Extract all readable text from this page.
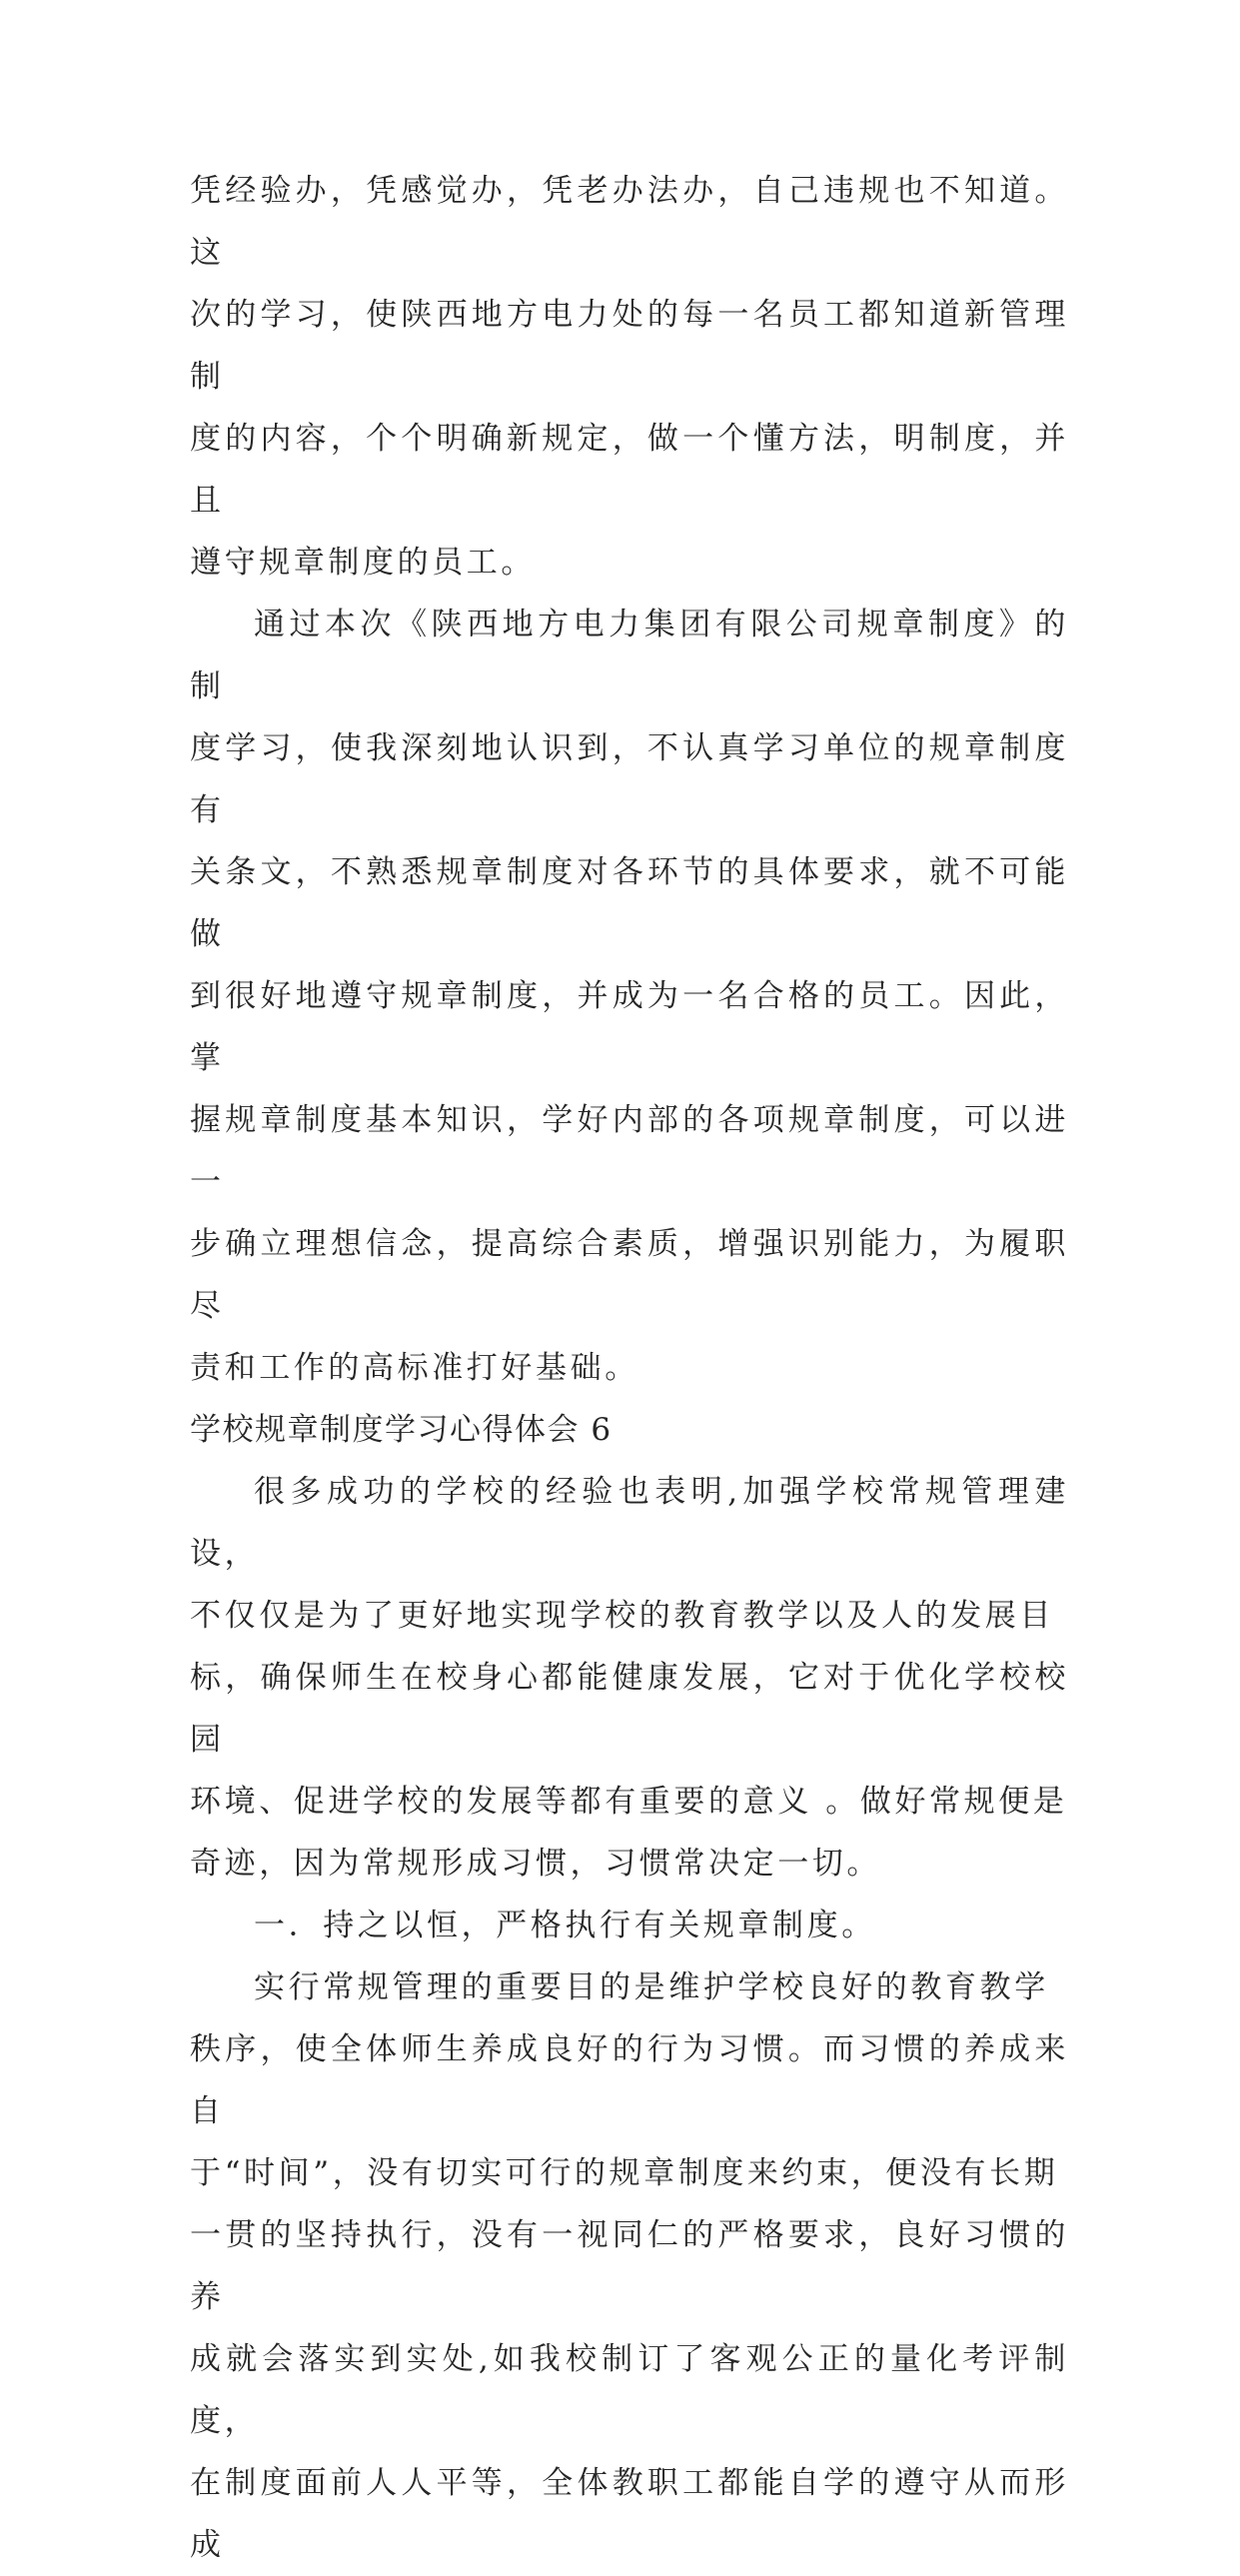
凭经验办，凭感觉办，凭老办法办，自己违规也不知道。这
次的学习，使陕西地方电力处的每一名员工都知道新管理制
度的内容，个个明确新规定，做一个懂方法，明制度，并且
遵守规章制度的员工。
通过本次《陕西地方电力集团有限公司规章制度》的制
度学习，使我深刻地认识到，不认真学习单位的规章制度有
关条文，不熟悉规章制度对各环节的具体要求，就不可能做
到很好地遵守规章制度，并成为一名合格的员工。因此，掌
握规章制度基本知识，学好内部的各项规章制度，可以进一
步确立理想信念，提高综合素质，增强识别能力，为履职尽
责和工作的高标准打好基础。
学校规章制度学习心得体会 6
很多成功的学校的经验也表明,加强学校常规管理建设，
不仅仅是为了更好地实现学校的教育教学以及人的发展目
标，确保师生在校身心都能健康发展，它对于优化学校校园
环境、促进学校的发展等都有重要的意义 。做好常规便是
奇迹，因为常规形成习惯，习惯常决定一切。
一．持之以恒，严格执行有关规章制度。
实行常规管理的重要目的是维护学校良好的教育教学
秩序，使全体师生养成良好的行为习惯。而习惯的养成来自
于“时间”，没有切实可行的规章制度来约束，便没有长期
一贯的坚持执行，没有一视同仁的严格要求，良好习惯的养
成就会落实到实处,如我校制订了客观公正的量化考评制度，
在制度面前人人平等，全体教职工都能自学的遵守从而形成
